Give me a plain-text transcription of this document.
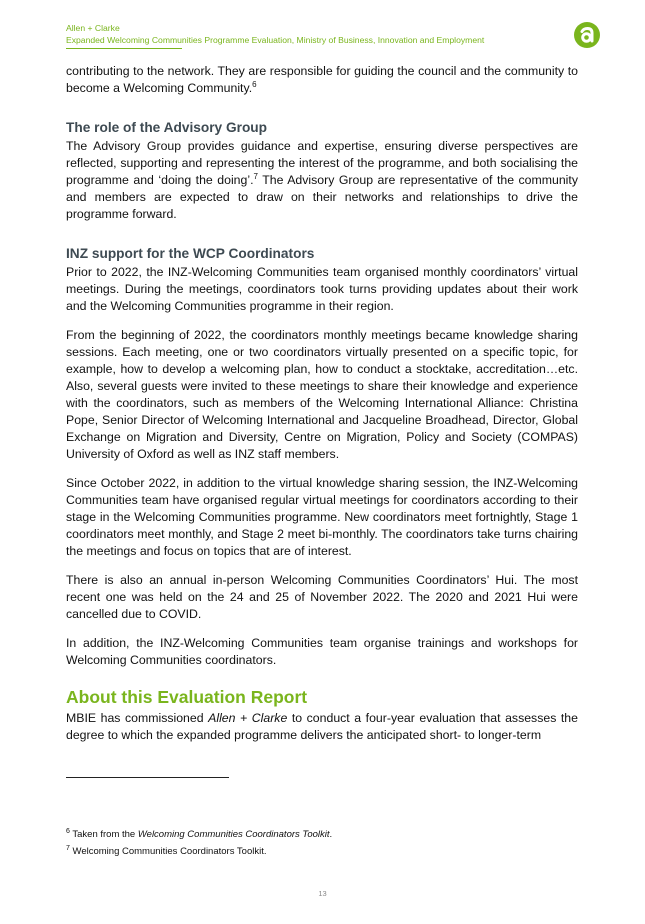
Allen + Clarke
Expanded Welcoming Communities Programme Evaluation, Ministry of Business, Innovation and Employment

contributing to the network. They are responsible for guiding the council and the community to become a Welcoming Community.$^6$

The role of the Advisory Group

The Advisory Group provides guidance and expertise, ensuring diverse perspectives are reflected, supporting and representing the interest of the programme, and both socialising the programme and ‘doing the doing’.$^7$ The Advisory Group are representative of the community and members are expected to draw on their networks and relationships to drive the programme forward.

INZ support for the WCP Coordinators

Prior to 2022, the INZ-Welcoming Communities team organised monthly coordinators’ virtual meetings. During the meetings, coordinators took turns providing updates about their work and the Welcoming Communities programme in their region.

From the beginning of 2022, the coordinators monthly meetings became knowledge sharing sessions. Each meeting, one or two coordinators virtually presented on a specific topic, for example, how to develop a welcoming plan, how to conduct a stocktake, accreditation…etc. Also, several guests were invited to these meetings to share their knowledge and experience with the coordinators, such as members of the Welcoming International Alliance: Christina Pope, Senior Director of Welcoming International and Jacqueline Broadhead, Director, Global Exchange on Migration and Diversity, Centre on Migration, Policy and Society (COMPAS) University of Oxford as well as INZ staff members.

Since October 2022, in addition to the virtual knowledge sharing session, the INZ-Welcoming Communities team have organised regular virtual meetings for coordinators according to their stage in the Welcoming Communities programme. New coordinators meet fortnightly, Stage 1 coordinators meet monthly, and Stage 2 meet bi-monthly. The coordinators take turns chairing the meetings and focus on topics that are of interest.

There is also an annual in-person Welcoming Communities Coordinators’ Hui. The most recent one was held on the 24 and 25 of November 2022. The 2020 and 2021 Hui were cancelled due to COVID.

In addition, the INZ-Welcoming Communities team organise trainings and workshops for Welcoming Communities coordinators.

About this Evaluation Report

MBIE has commissioned Allen + Clarke to conduct a four-year evaluation that assesses the degree to which the expanded programme delivers the anticipated short- to longer-term

$^6$ Taken from the Welcoming Communities Coordinators Toolkit.
$^7$ Welcoming Communities Coordinators Toolkit.
13
